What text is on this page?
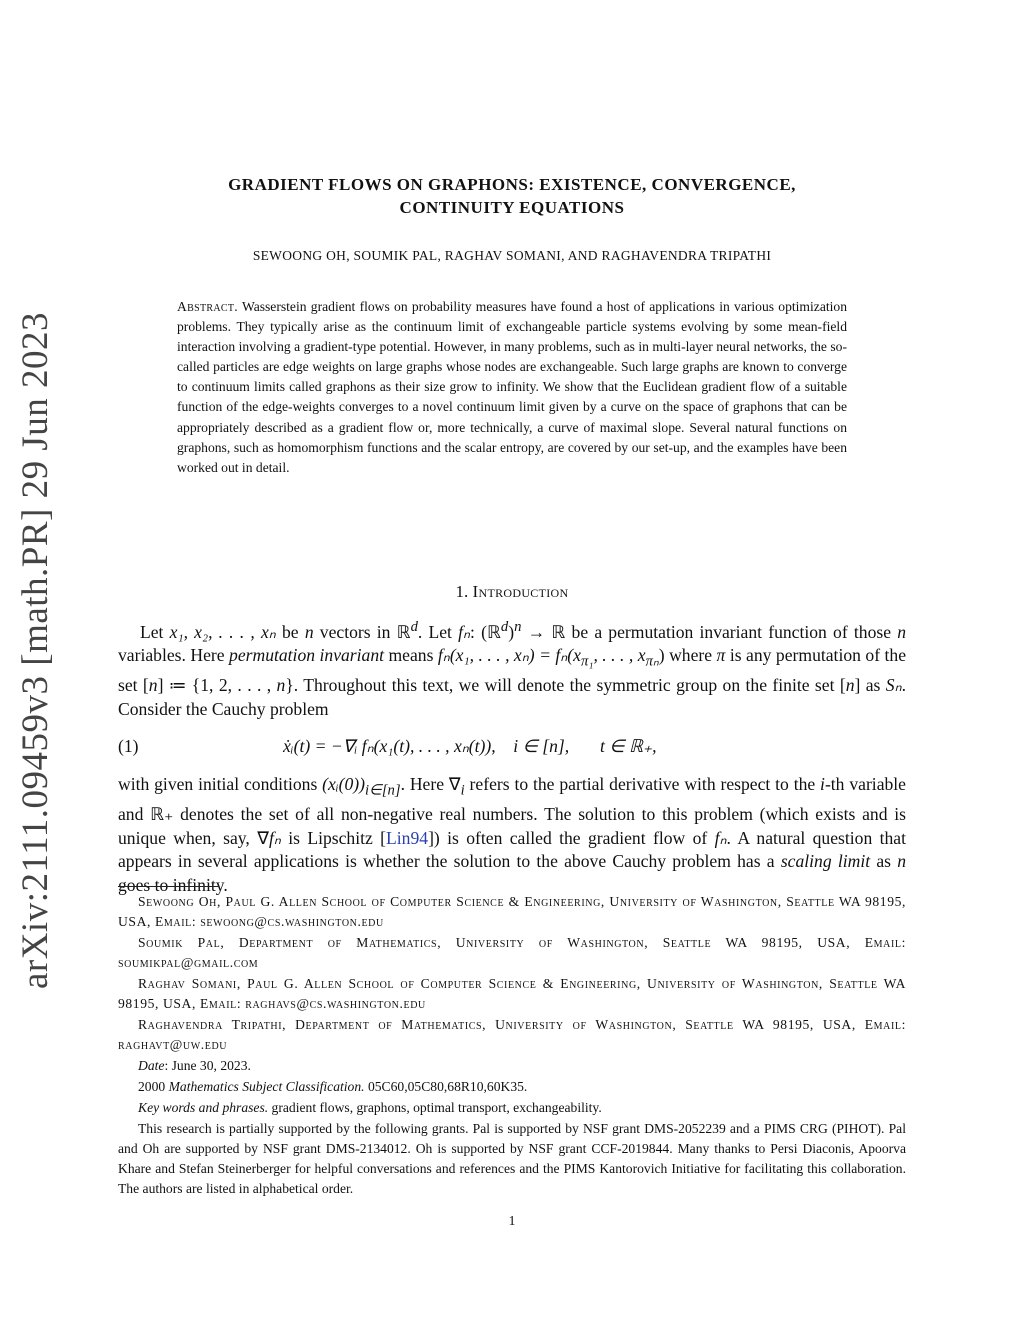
arXiv:2111.09459v3 [math.PR] 29 Jun 2023
GRADIENT FLOWS ON GRAPHONS: EXISTENCE, CONVERGENCE,
CONTINUITY EQUATIONS
SEWOONG OH, SOUMIK PAL, RAGHAV SOMANI, AND RAGHAVENDRA TRIPATHI
Abstract. Wasserstein gradient flows on probability measures have found a host of applications in various optimization problems. They typically arise as the continuum limit of exchangeable particle systems evolving by some mean-field interaction involving a gradient-type potential. However, in many problems, such as in multi-layer neural networks, the so-called particles are edge weights on large graphs whose nodes are exchangeable. Such large graphs are known to converge to continuum limits called graphons as their size grow to infinity. We show that the Euclidean gradient flow of a suitable function of the edge-weights converges to a novel continuum limit given by a curve on the space of graphons that can be appropriately described as a gradient flow or, more technically, a curve of maximal slope. Several natural functions on graphons, such as homomorphism functions and the scalar entropy, are covered by our set-up, and the examples have been worked out in detail.
1. Introduction

Let x₁, x₂, . . . , xₙ be n vectors in ℝ$^d$. Let fₙ: (ℝ$^d$)$^n$ → ℝ be a permutation invariant function of those n variables. Here permutation invariant means fₙ(x₁, . . . , $x_n) = f_n(x_{\pi_1}$, . . . , $x_{\pi_n}$) where π is any permutation of the set [n] ≔ {1, 2, . . . , n}. Throughout this text, we will denote the symmetric group on the finite set [n] as Sₙ. Consider the Cauchy problem

(1)	ẋᵢ(t) = −∇ᵢ fₙ(x₁(t), . . . , xₙ(t)), i ∈ [n], t ∈ ℝ₊,

with given initial conditions $(xᵢ(0))_{i\in[n]}$. Here $\nabla_i$ refers to the partial derivative with respect to the i-th variable and ℝ₊ denotes the set of all non-negative real numbers. The solution to this problem (which exists and is unique when, say, ∇fₙ is Lipschitz [Lin94]) is often called the gradient flow of fₙ. A natural question that appears in several applications is whether the solution to the above Cauchy problem has a scaling limit as n goes to infinity.

Sewoong Oh, Paul G. Allen School of Computer Science & Engineering, University of Washington, Seattle WA 98195, USA, Email: sewoong@cs.washington.edu

Soumik Pal, Department of Mathematics, University of Washington, Seattle WA 98195, USA, Email: soumikpal@gmail.com

Raghav Somani, Paul G. Allen School of Computer Science & Engineering, University of Washington, Seattle WA 98195, USA, Email: raghavs@cs.washington.edu

Raghavendra Tripathi, Department of Mathematics, University of Washington, Seattle WA 98195, USA, Email: raghavt@uw.edu

Date: June 30, 2023.

2000 Mathematics Subject Classification. 05C60,05C80,68R10,60K35.

Key words and phrases. gradient flows, graphons, optimal transport, exchangeability.

This research is partially supported by the following grants. Pal is supported by NSF grant DMS-2052239 and a PIMS CRG (PIHOT). Pal and Oh are supported by NSF grant DMS-2134012. Oh is supported by NSF grant CCF-2019844. Many thanks to Persi Diaconis, Apoorva Khare and Stefan Steinerberger for helpful conversations and references and the PIMS Kantorovich Initiative for facilitating this collaboration. The authors are listed in alphabetical order.

1
